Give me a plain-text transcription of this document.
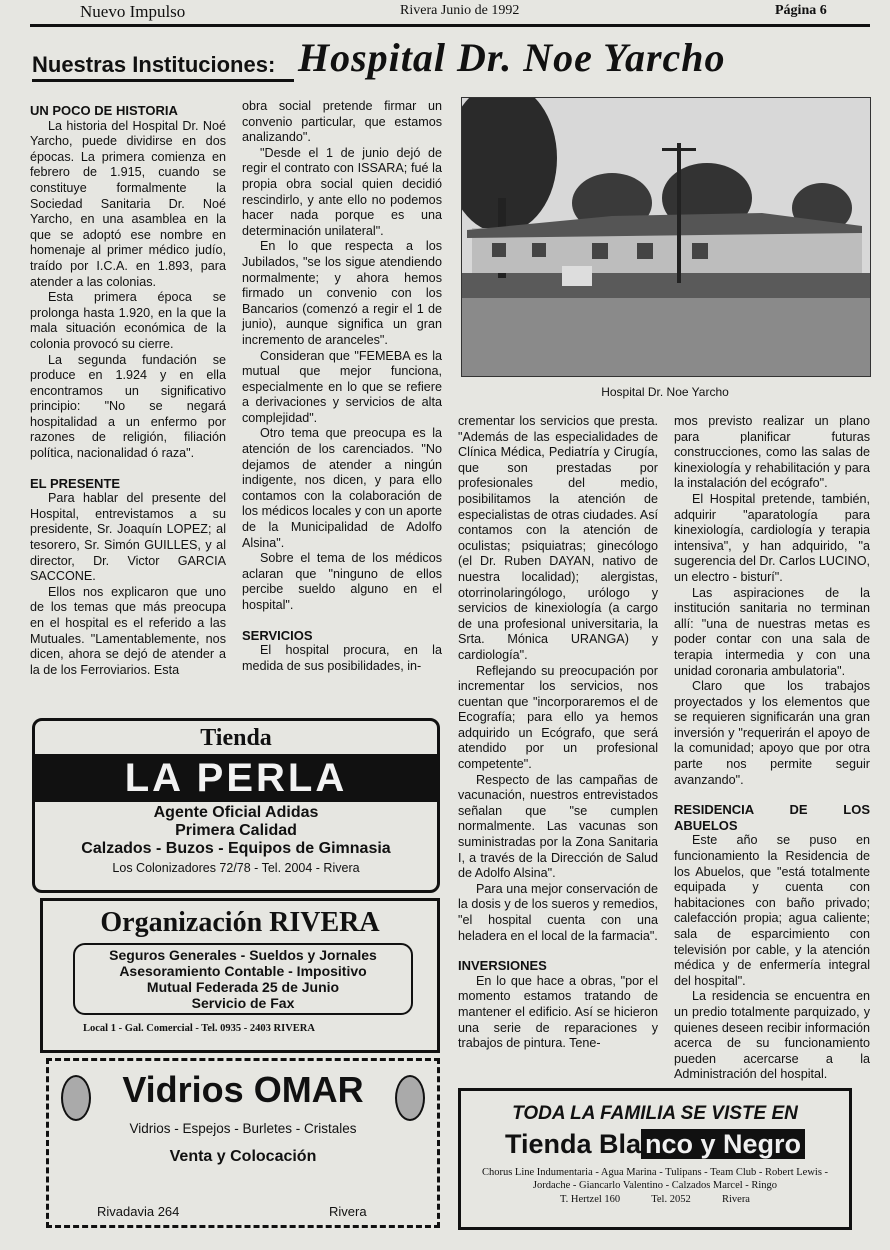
Nuevo Impulso	Rivera Junio de 1992	Página 6
Nuestras Instituciones: Hospital Dr. Noe Yarcho
Hospital Dr. Noe Yarcho
UN POCO DE HISTORIA

La historia del Hospital Dr. Noé Yarcho, puede dividirse en dos épocas. La primera comienza en febrero de 1.915, cuando se constituye formalmente la Sociedad Sanitaria Dr. Noé Yarcho, en una asamblea en la que se adoptó ese nombre en homenaje al primer médico judío, traído por I.C.A. en 1.893, para atender a las colonias.

Esta primera época se prolonga hasta 1.920, en la que la mala situación económica de la colonia provocó su cierre.

La segunda fundación se produce en 1.924 y en ella encontramos un significativo principio: "No se negará hospitalidad a un enfermo por razones de religión, filiación política, nacionalidad ó raza".

EL PRESENTE

Para hablar del presente del Hospital, entrevistamos a su presidente, Sr. Joaquín LOPEZ; al tesorero, Sr. Simón GUILLES, y al director, Dr. Victor GARCIA SACCONE.

Ellos nos explicaron que uno de los temas que más preocupa en el hospital es el referido a las Mutuales. "Lamentablemente, nos dicen, ahora se dejó de atender a la de los Ferroviarios. Esta

obra social pretende firmar un convenio particular, que estamos analizando".

"Desde el 1 de junio dejó de regir el contrato con ISSARA; fué la propia obra social quien decidió rescindirlo, y ante ello no podemos hacer nada porque es una determinación unilateral".

En lo que respecta a los Jubilados, "se los sigue atendiendo normalmente; y ahora hemos firmado un convenio con los Bancarios (comenzó a regir el 1 de junio), aunque significa un gran incremento de aranceles".

Consideran que "FEMEBA es la mutual que mejor funciona, especialmente en lo que se refiere a derivaciones y servicios de alta complejidad".

Otro tema que preocupa es la atención de los carenciados. "No dejamos de atender a ningún indigente, nos dicen, y para ello contamos con la colaboración de los médicos locales y con un aporte de la Municipalidad de Adolfo Alsina".

Sobre el tema de los médicos aclaran que "ninguno de ellos percibe sueldo alguno en el hospital".

SERVICIOS

El hospital procura, en la medida de sus posibilidades, in-

crementar los servicios que presta. "Además de las especialidades de Clínica Médica, Pediatría y Cirugía, que son prestadas por profesionales del medio, posibilitamos la atención de especialistas de otras ciudades. Así contamos con la atención de oculistas; psiquiatras; ginecólogo (el Dr. Ruben DAYAN, nativo de nuestra localidad); alergistas, otorrinolaringólogo, urólogo y servicios de kinexiología (a cargo de una profesional universitaria, la Srta. Mónica URANGA) y cardiología".

Reflejando su preocupación por incrementar los servicios, nos cuentan que "incorporaremos el de Ecografía; para ello ya hemos adquirido un Ecógrafo, que será atendido por un profesional competente".

Respecto de las campañas de vacunación, nuestros entrevistados señalan que "se cumplen normalmente. Las vacunas son suministradas por la Zona Sanitaria I, a través de la Dirección de Salud de Adolfo Alsina".

Para una mejor conservación de la dosis y de los sueros y remedios, "el hospital cuenta con una heladera en el local de la farmacia".

INVERSIONES

En lo que hace a obras, "por el momento estamos tratando de mantener el edificio. Así se hicieron una serie de reparaciones y trabajos de pintura. Tene-

mos previsto realizar un plano para planificar futuras construcciones, como las salas de kinexiología y rehabilitación y para la instalación del ecógrafo".

El Hospital pretende, también, adquirir "aparatología para kinexiología, cardiología y terapia intensiva", y han adquirido, "a sugerencia del Dr. Carlos LUCINO, un electro - bisturí".

Las aspiraciones de la institución sanitaria no terminan allí: "una de nuestras metas es poder contar con una sala de terapia intermedia y con una unidad coronaria ambulatoria".

Claro que los trabajos proyectados y los elementos que se requieren significarán una gran inversión y "requerirán el apoyo de la comunidad; apoyo que por otra parte nos permite seguir avanzando".

RESIDENCIA DE LOS ABUELOS

Este año se puso en funcionamiento la Residencia de los Abuelos, que "está totalmente equipada y cuenta con habitaciones con baño privado; calefacción propia; agua caliente; sala de esparcimiento con televisión por cable, y la atención médica y de enfermería integral del hospital".

La residencia se encuentra en un predio totalmente parquizado, y quienes deseen recibir información acerca de su funcionamiento pueden acercarse a la Administración del hospital.

Tienda
LA PERLA
Agente Oficial Adidas
Primera Calidad
Calzados - Buzos - Equipos de Gimnasia
Los Colonizadores 72/78 - Tel. 2004 - Rivera
Organización RIVERA
Seguros Generales - Sueldos y Jornales
Asesoramiento Contable - Impositivo
Mutual Federada 25 de Junio
Servicio de Fax
Local 1 - Gal. Comercial - Tel. 0935 - 2403 RIVERA
Vidrios OMAR
Vidrios - Espejos - Burletes - Cristales
Venta y Colocación
Rivadavia 264	Rivera
TODA LA FAMILIA SE VISTE EN
Tienda Bla nco y Negro
Chorus Line Indumentaria - Agua Marina - Tulipans - Team Club - Robert Lewis - Jordache - Giancarlo Valentino - Calzados Marcel - Ringo
T. Hertzel 160	Tel. 2052	Rivera
